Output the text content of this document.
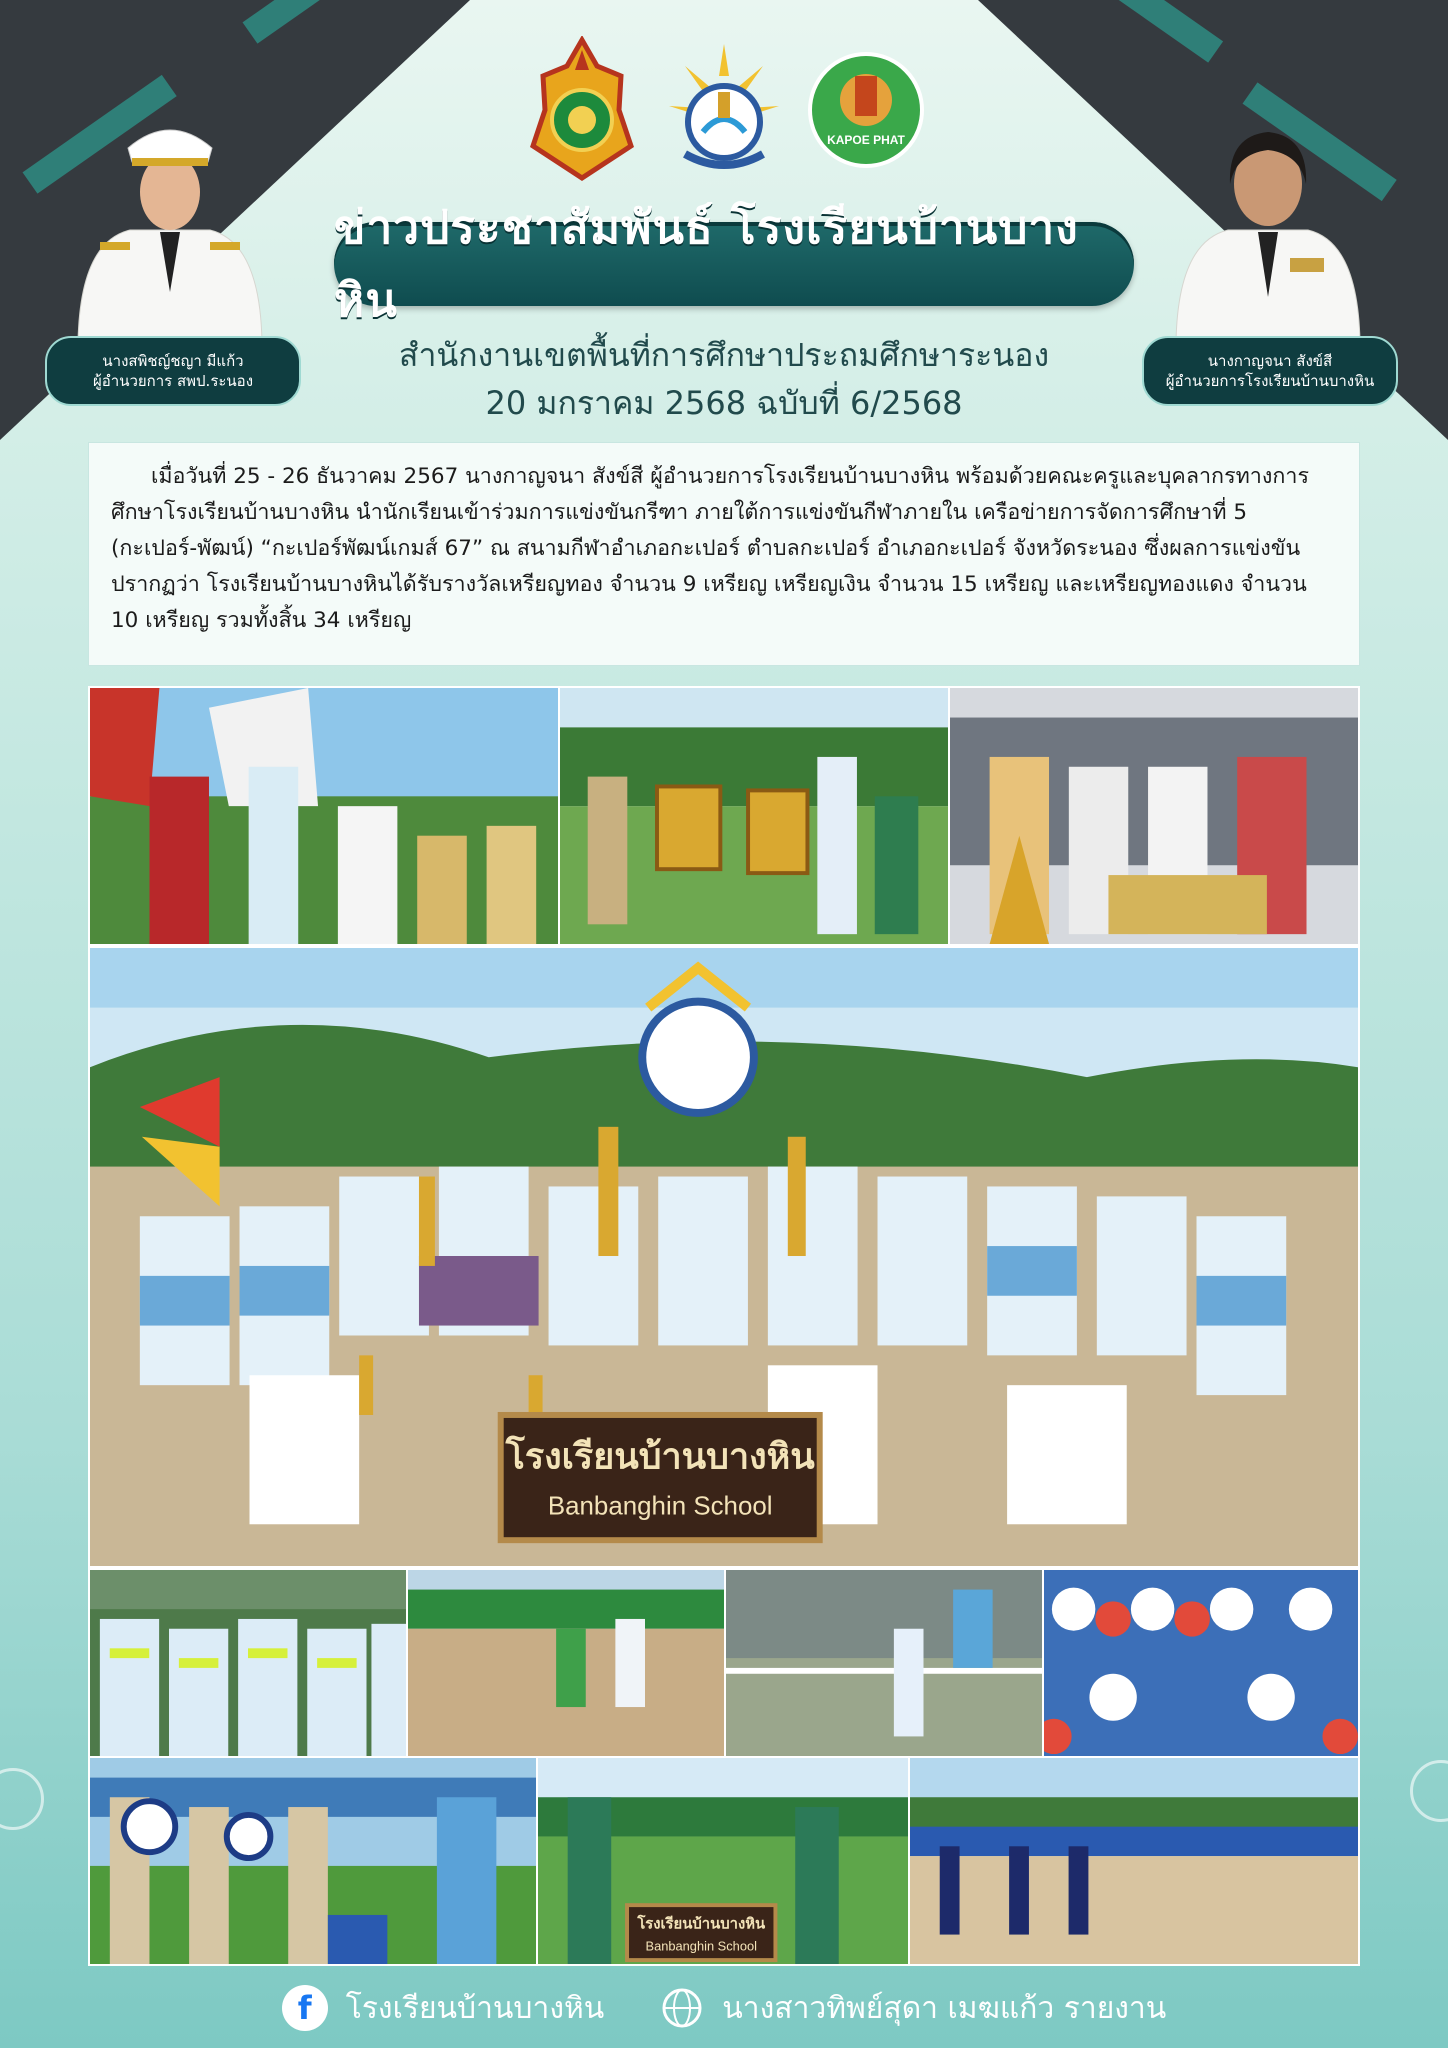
KAPOE PHAT
นางสพิชญ์ชญา มีแก้ว
ผู้อำนวยการ สพป.ระนอง
นางกาญจนา สังข์สี
ผู้อำนวยการโรงเรียนบ้านบางหิน
ข่าวประชาสัมพันธ์ โรงเรียนบ้านบางหิน
สำนักงานเขตพื้นที่การศึกษาประถมศึกษาระนอง
20 มกราคม 2568 ฉบับที่ 6/2568

เมื่อวันที่ 25 - 26 ธันวาคม 2567 นางกาญจนา สังข์สี ผู้อำนวยการโรงเรียนบ้านบางหิน พร้อมด้วยคณะครูและบุคลากรทางการศึกษาโรงเรียนบ้านบางหิน นำนักเรียนเข้าร่วมการแข่งขันกรีฑา ภายใต้การแข่งขันกีฬาภายใน เครือข่ายการจัดการศึกษาที่ 5 (กะเปอร์-พัฒน์) “กะเปอร์พัฒน์เกมส์ 67” ณ สนามกีฬาอำเภอกะเปอร์ ตำบลกะเปอร์ อำเภอกะเปอร์ จังหวัดระนอง ซึ่งผลการแข่งขันปรากฏว่า โรงเรียนบ้านบางหินได้รับรางวัลเหรียญทอง จำนวน 9 เหรียญ เหรียญเงิน จำนวน 15 เหรียญ และเหรียญทองแดง จำนวน 10 เหรียญ รวมทั้งสิ้น 34 เหรียญ

โรงเรียนบ้านบางหิน
Banbanghin School
โรงเรียนบ้านบางหิน
Banbanghin School
f	โรงเรียนบ้านบางหิน	นางสาวทิพย์สุดา เมฆแก้ว รายงาน
